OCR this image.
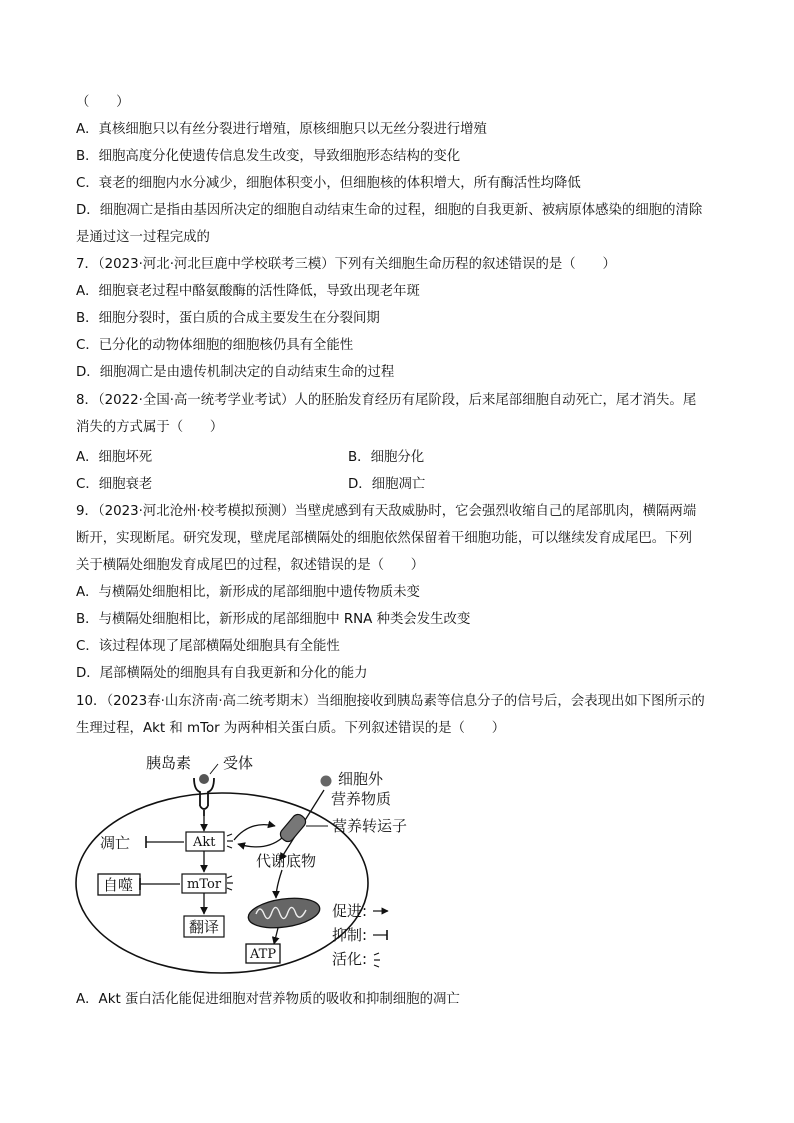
（　　）
A．真核细胞只以有丝分裂进行增殖，原核细胞只以无丝分裂进行增殖
B．细胞高度分化使遗传信息发生改变，导致细胞形态结构的变化
C．衰老的细胞内水分减少，细胞体积变小，但细胞核的体积增大，所有酶活性均降低
D．细胞凋亡是指由基因所决定的细胞自动结束生命的过程，细胞的自我更新、被病原体感染的细胞的清除
是通过这一过程完成的
7．（2023·河北·河北巨鹿中学校联考三模）下列有关细胞生命历程的叙述错误的是（　　）
A．细胞衰老过程中酪氨酸酶的活性降低，导致出现老年斑
B．细胞分裂时，蛋白质的合成主要发生在分裂间期
C．已分化的动物体细胞的细胞核仍具有全能性
D．细胞凋亡是由遗传机制决定的自动结束生命的过程
8．（2022·全国·高一统考学业考试）人的胚胎发育经历有尾阶段，后来尾部细胞自动死亡，尾才消失。尾
消失的方式属于（　　）
A．细胞坏死	B．细胞分化
C．细胞衰老	D．细胞凋亡
9．（2023·河北沧州·校考模拟预测）当壁虎感到有天敌威胁时，它会强烈收缩自己的尾部肌肉，横隔两端
断开，实现断尾。研究发现，壁虎尾部横隔处的细胞依然保留着干细胞功能，可以继续发育成尾巴。下列
关于横隔处细胞发育成尾巴的过程，叙述错误的是（　　）
A．与横隔处细胞相比，新形成的尾部细胞中遗传物质未变
B．与横隔处细胞相比，新形成的尾部细胞中 RNA 种类会发生改变
C．该过程体现了尾部横隔处细胞具有全能性
D．尾部横隔处的细胞具有自我更新和分化的能力
10．（2023春·山东济南·高二统考期末）当细胞接收到胰岛素等信息分子的信号后，会表现出如下图所示的
生理过程，Akt 和 mTor 为两种相关蛋白质。下列叙述错误的是（　　）
胰岛素 受体
细胞外
营养物质
营养转运子
Akt
凋亡
mTor
自噬
翻译
代谢底物
ATP
促进:
抑制:
活化:
A．Akt 蛋白活化能促进细胞对营养物质的吸收和抑制细胞的凋亡
